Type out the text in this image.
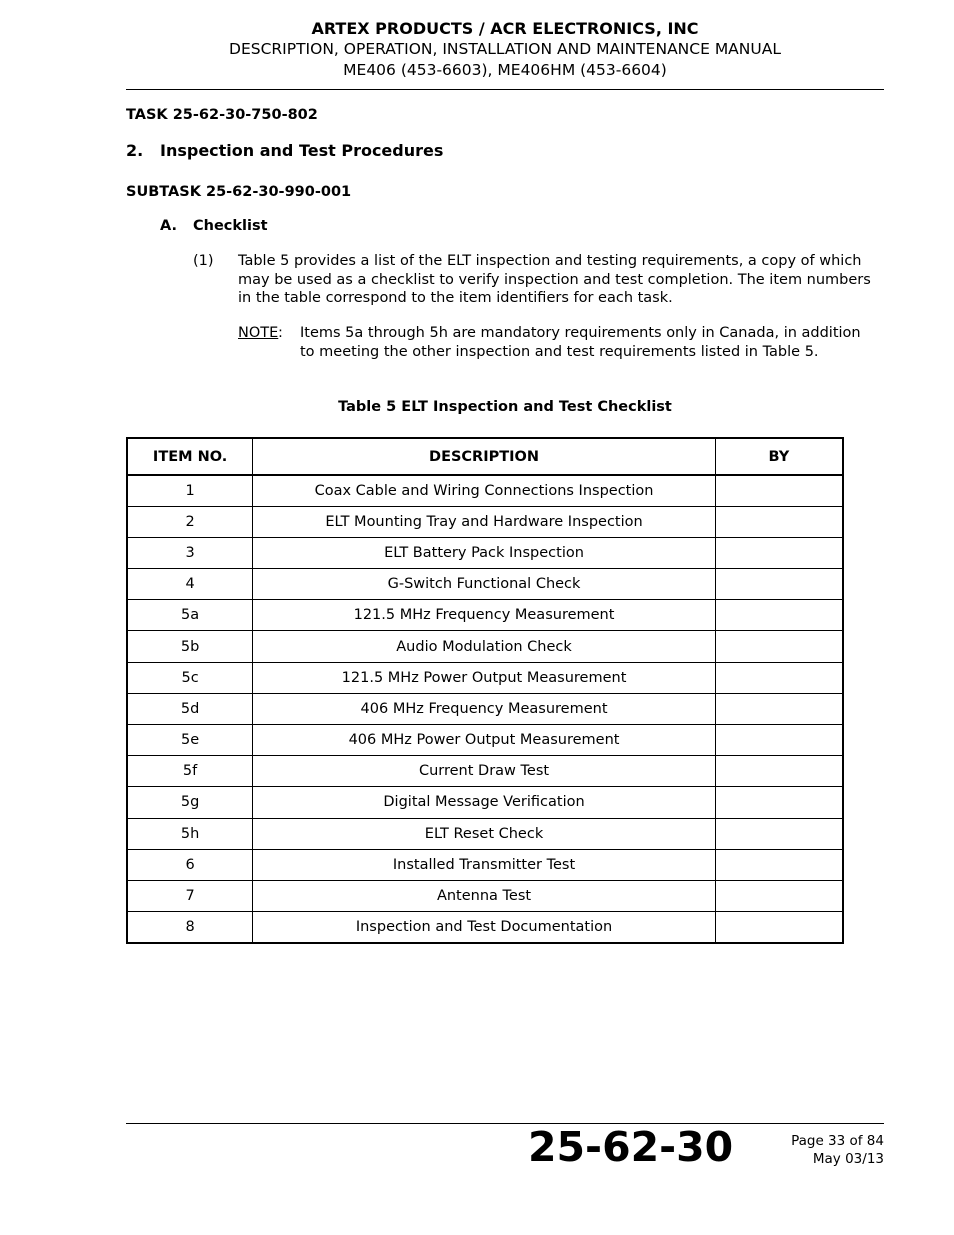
ARTEX PRODUCTS / ACR ELECTRONICS, INC
DESCRIPTION, OPERATION, INSTALLATION AND MAINTENANCE MANUAL
ME406 (453-6603), ME406HM (453-6604)
TASK 25-62-30-750-802
2. Inspection and Test Procedures
SUBTASK 25-62-30-990-001
A. Checklist
(1) Table 5 provides a list of the ELT inspection and testing requirements, a copy of which may be used as a checklist to verify inspection and test completion. The item numbers in the table correspond to the item identifiers for each task.
NOTE : Items 5a through 5h are mandatory requirements only in Canada, in addition to meeting the other inspection and test requirements listed in Table 5.
Table 5 ELT Inspection and Test Checklist
ITEM NO.	DESCRIPTION	BY
1	Coax Cable and Wiring Connections Inspection	
2	ELT Mounting Tray and Hardware Inspection	
3	ELT Battery Pack Inspection	
4	G-Switch Functional Check	
5a	121.5 MHz Frequency Measurement	
5b	Audio Modulation Check	
5c	121.5 MHz Power Output Measurement	
5d	406 MHz Frequency Measurement	
5e	406 MHz Power Output Measurement	
5f	Current Draw Test	
5g	Digital Message Verification	
5h	ELT Reset Check	
6	Installed Transmitter Test	
7	Antenna Test	
8	Inspection and Test Documentation	
25-62-30	Page 33 of 84
May 03/13
